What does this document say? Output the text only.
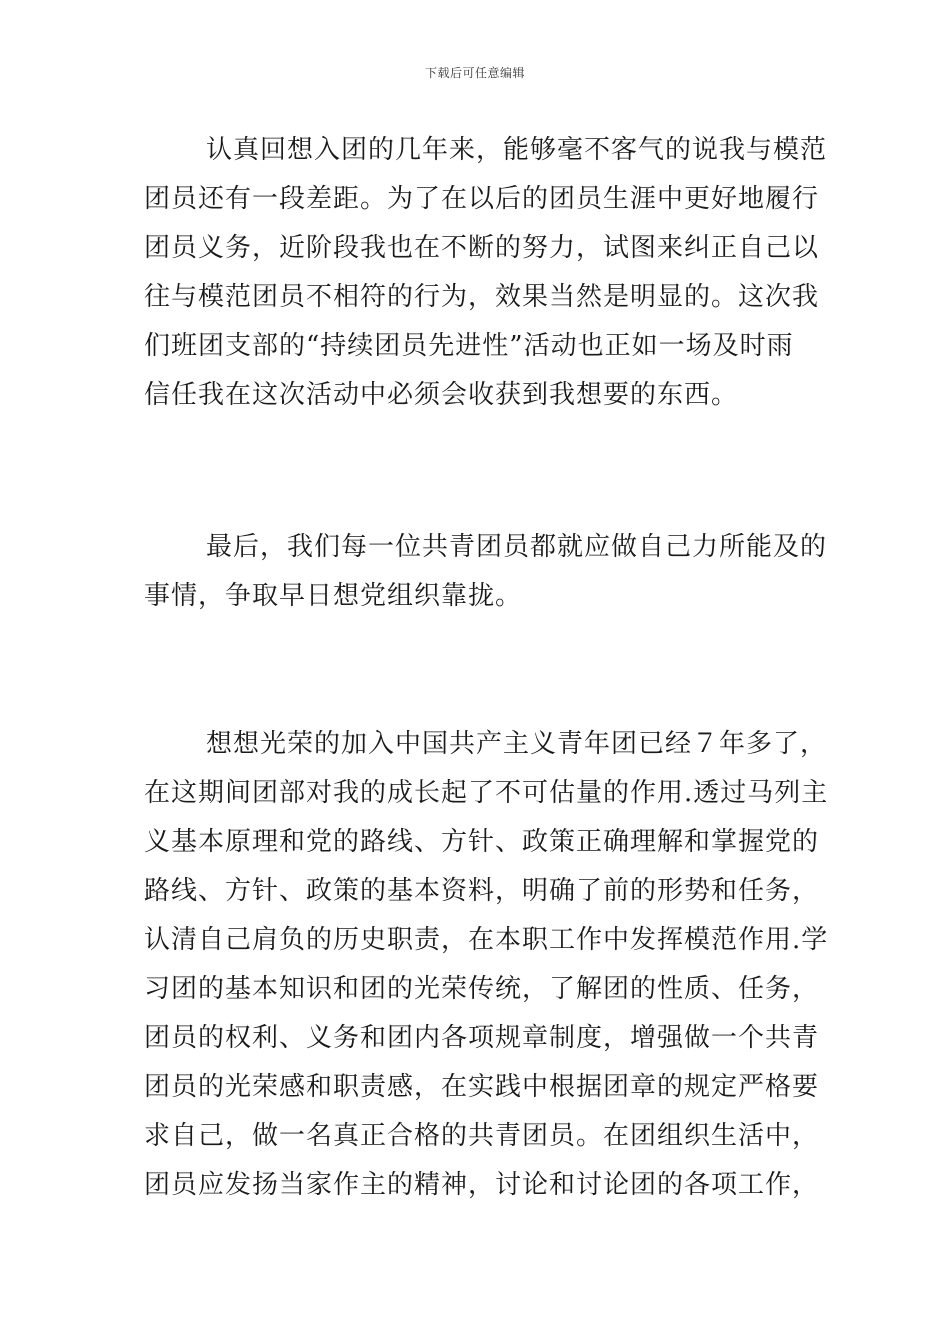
下载后可任意编辑
认真回想入团的几年来，能够毫不客气的说我与模范
团员还有一段差距。为了在以后的团员生涯中更好地履行
团员义务，近阶段我也在不断的努力，试图来纠正自己以
往与模范团员不相符的行为，效果当然是明显的。这次我
们班团支部的“持续团员先进性”活动也正如一场及时雨
信任我在这次活动中必须会收获到我想要的东西。
最后，我们每一位共青团员都就应做自己力所能及的
事情，争取早日想党组织靠拢。
想想光荣的加入中国共产主义青年团已经７年多了，
在这期间团部对我的成长起了不可估量的作用.透过马列主
义基本原理和党的路线、方针、政策正确理解和掌握党的
路线、方针、政策的基本资料，明确了前的形势和任务，
认清自己肩负的历史职责，在本职工作中发挥模范作用.学
习团的基本知识和团的光荣传统，了解团的性质、任务，
团员的权利、义务和团内各项规章制度，增强做一个共青
团员的光荣感和职责感，在实践中根据团章的规定严格要
求自己，做一名真正合格的共青团员。在团组织生活中，
团员应发扬当家作主的精神，讨论和讨论团的各项工作，
